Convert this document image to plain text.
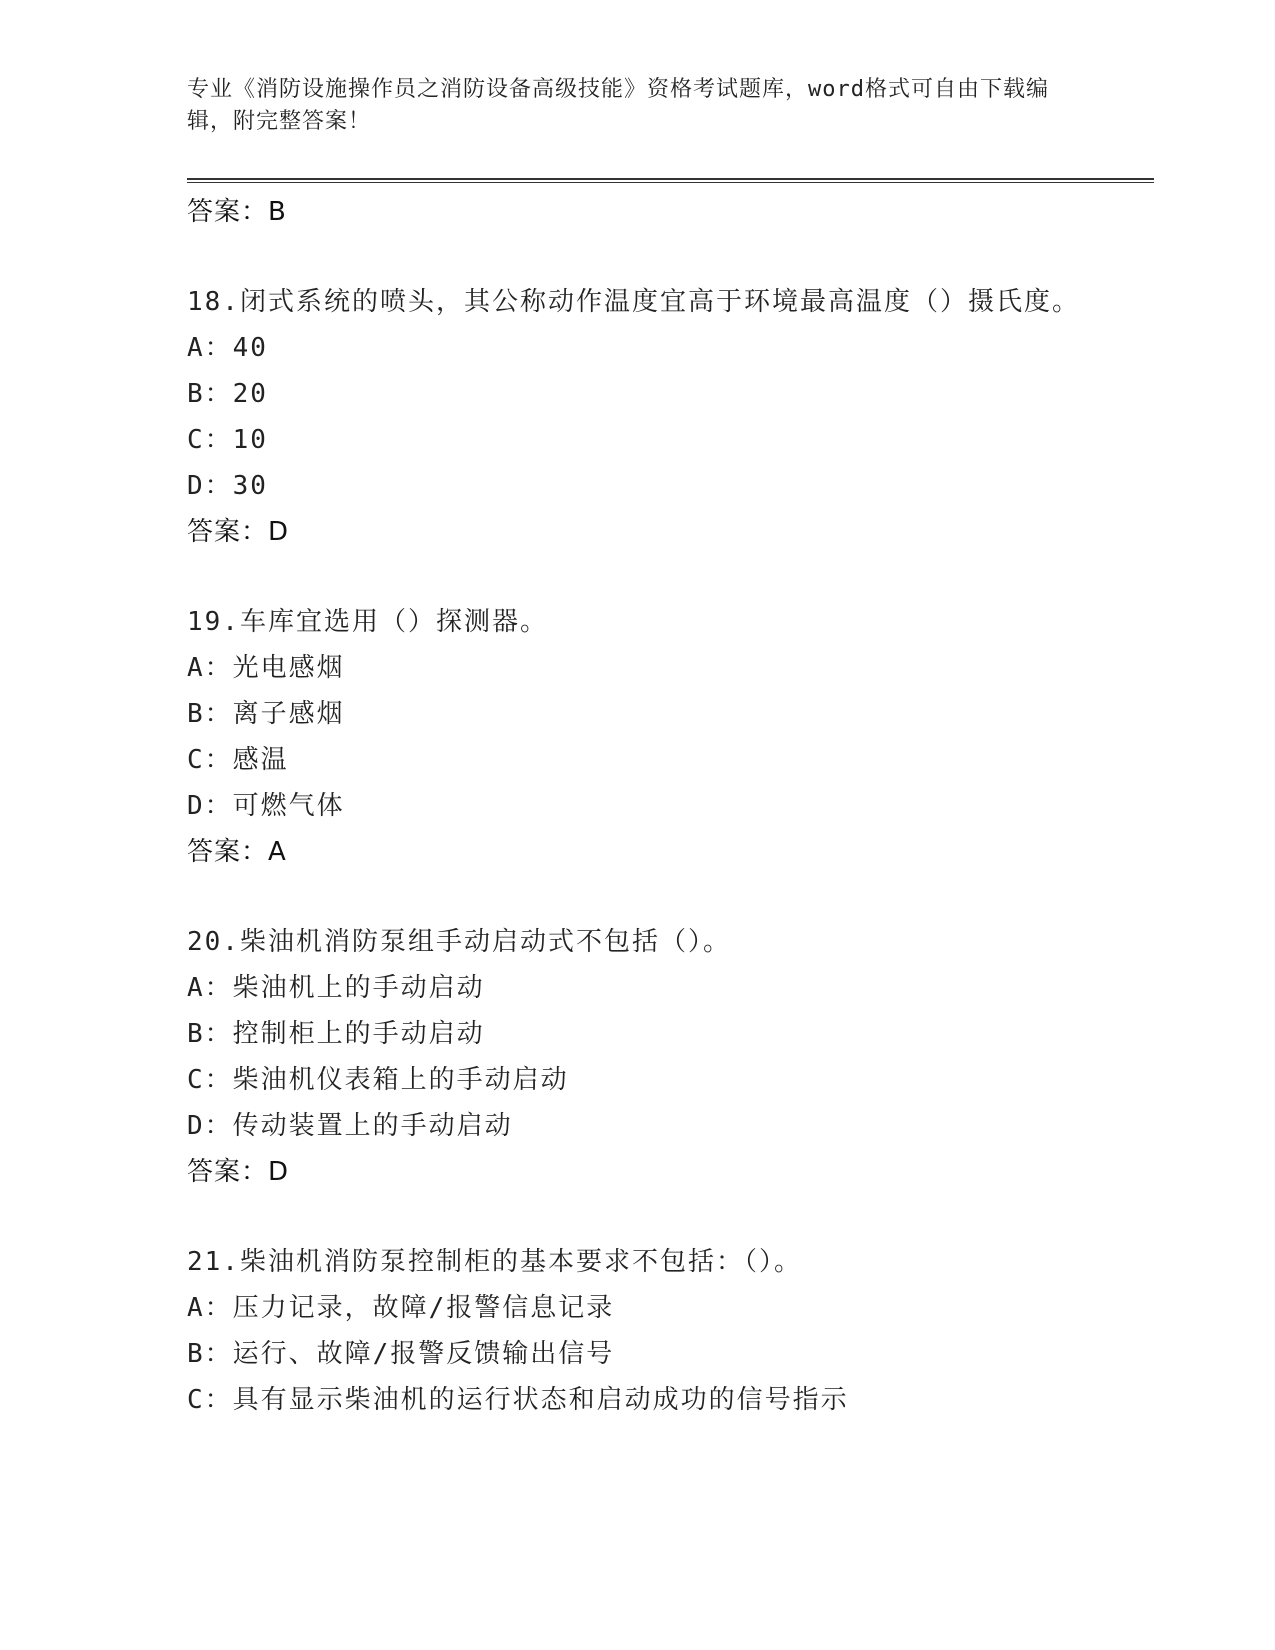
专业《消防设施操作员之消防设备高级技能》资格考试题库，word格式可自由下载编辑，附完整答案！
答案：B
18.闭式系统的喷头，其公称动作温度宜高于环境最高温度（）摄氏度。
A：40
B：20
C：10
D：30
答案：D
19.车库宜选用（）探测器。
A：光电感烟
B：离子感烟
C：感温
D：可燃气体
答案：A
20.柴油机消防泵组手动启动式不包括（）。
A：柴油机上的手动启动
B：控制柜上的手动启动
C：柴油机仪表箱上的手动启动
D：传动装置上的手动启动
答案：D
21.柴油机消防泵控制柜的基本要求不包括：（）。
A：压力记录，故障/报警信息记录
B：运行、故障/报警反馈输出信号
C：具有显示柴油机的运行状态和启动成功的信号指示
